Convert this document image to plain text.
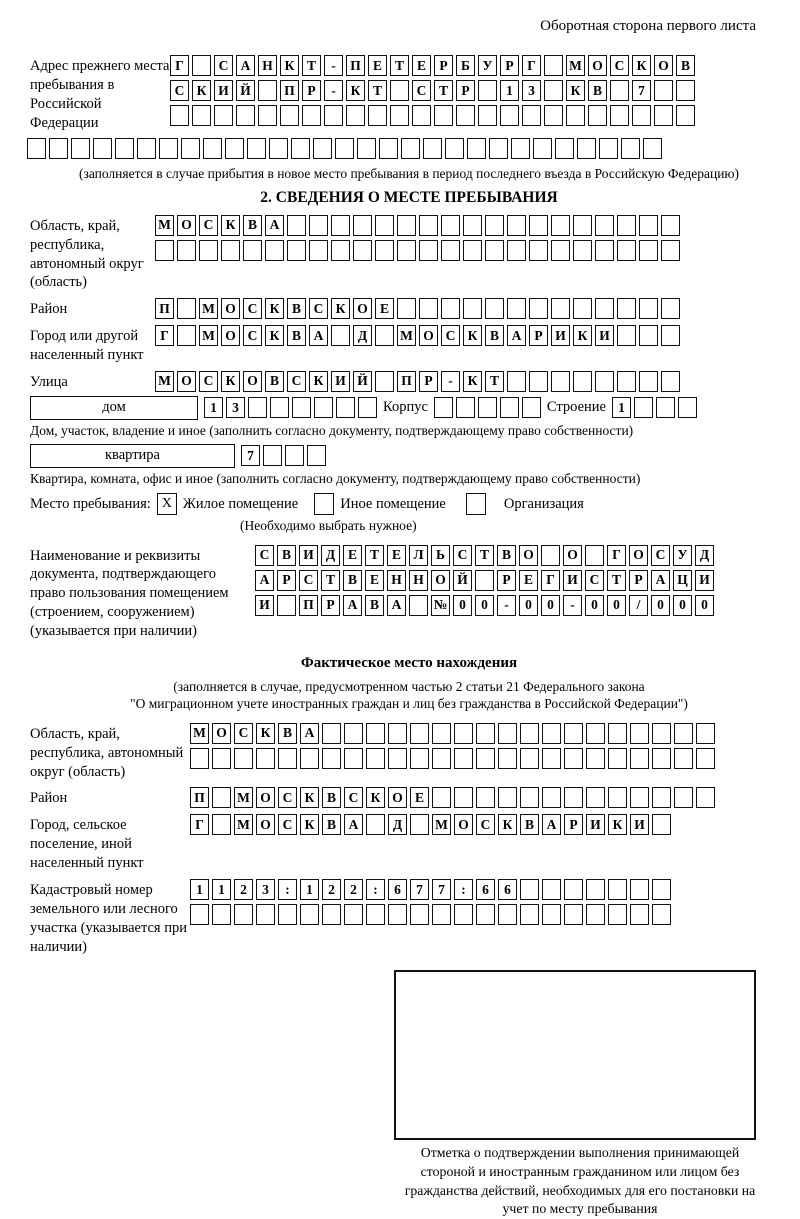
Оборотная сторона первого листа
Адрес прежнего места пребывания в Российской Федерации
Г	С А Н К Т	-	П Е Т Е Р Б У Р	Г	М О С К О В
С К И Й	П Р	-	К Т	С Т Р	1	3	К В	7
(заполняется в случае прибытия в новое место пребывания в период последнего въезда в Российскую Федерацию)
2. СВЕДЕНИЯ О МЕСТЕ ПРЕБЫВАНИЯ
Область, край, республика, автономный округ (область)
М О С К В А
Район	П	М О С К В С К О Е
Город или другой населенный пункт
Г	М О С К В А	Д	М О С К В А Р И К И
Улица	М О С К О В С К И Й	П Р	-	К Т
дом	1	3	Корпус	Строение 1
Дом, участок, владение и иное (заполнить согласно документу, подтверждающему право собственности)
квартира	7
Квартира, комната, офис и иное (заполнить согласно документу, подтверждающему право собственности)
Место пребывания: X Жилое помещение	Иное помещение	Организация
(Необходимо выбрать нужное)
Наименование и реквизиты документа, подтверждающего право пользования помещением (строением, сооружением) (указывается при наличии)
С В И Д Е Т Е Л Ь С Т В О	О	Г О С У Д
А Р С Т В Е Н Н О Й	Р Е Г И С Т Р А Ц И
И	П Р А В А	№ 0	0	-	0	0	-	0	0	/	0	0	0
Фактическое место нахождения
(заполняется в случае, предусмотренном частью 2 статьи 21 Федерального закона
"О миграционном учете иностранных граждан и лиц без гражданства в Российской Федерации")
Область, край, республика, автономный округ (область)
М О С К В А
Район	П	М О С К В С К О Е
Город, сельское поселение, иной населенный пункт
Г	М О С К В А	Д	М О С К В А Р И К И
Кадастровый номер земельного или лесного участка (указывается при наличии)
1	1	2	3	:	1	2	2	:	6	7	7	:	6	6
Отметка о подтверждении выполнения принимающей стороной и иностранным гражданином или лицом без гражданства действий, необходимых для его постановки на учет по месту пребывания
